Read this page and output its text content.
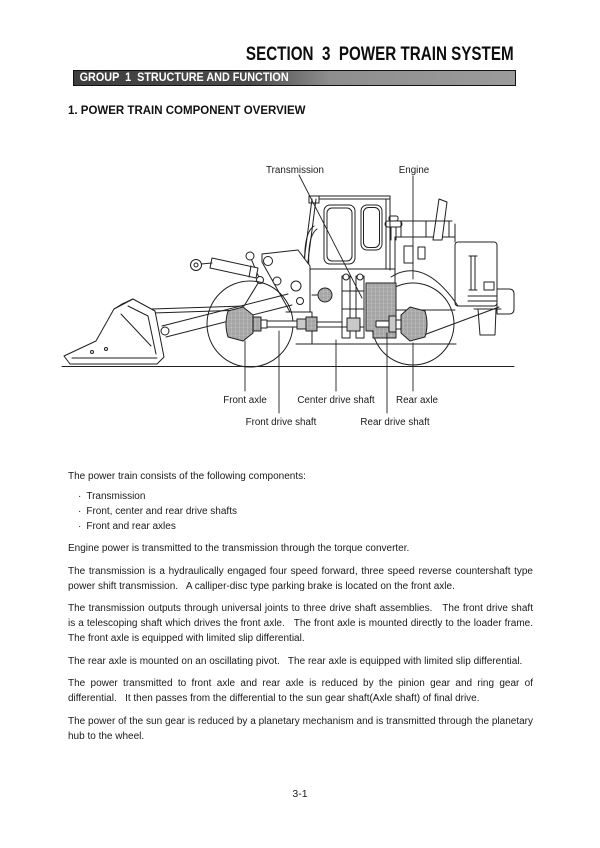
SECTION  3  POWER TRAIN SYSTEM
GROUP  1  STRUCTURE AND FUNCTION
1. POWER TRAIN COMPONENT OVERVIEW
Transmission	Engine
Front axle	Center drive shaft Rear axle
Front drive shaft	Rear drive shaft

The power train consists of the following components:

· Transmission
· Front, center and rear drive shafts
· Front and rear axles

Engine power is transmitted to the transmission through the torque converter.

The transmission is a hydraulically engaged four speed forward, three speed reverse countershaft type power shift transmission.   A calliper-disc type parking brake is located on the front axle.

The transmission outputs through universal joints to three drive shaft assemblies.   The front drive shaft is a telescoping shaft which drives the front axle.   The front axle is mounted directly to the loader frame.  The front axle is equipped with limited slip differential.

The rear axle is mounted on an oscillating pivot.   The rear axle is equipped with limited slip differential.

The power transmitted to front axle and rear axle is reduced by the pinion gear and ring gear of differential.   It then passes from the differential to the sun gear shaft(Axle shaft) of final drive.

The power of the sun gear is reduced by a planetary mechanism and is transmitted through the planetary hub to the wheel.

3-1
